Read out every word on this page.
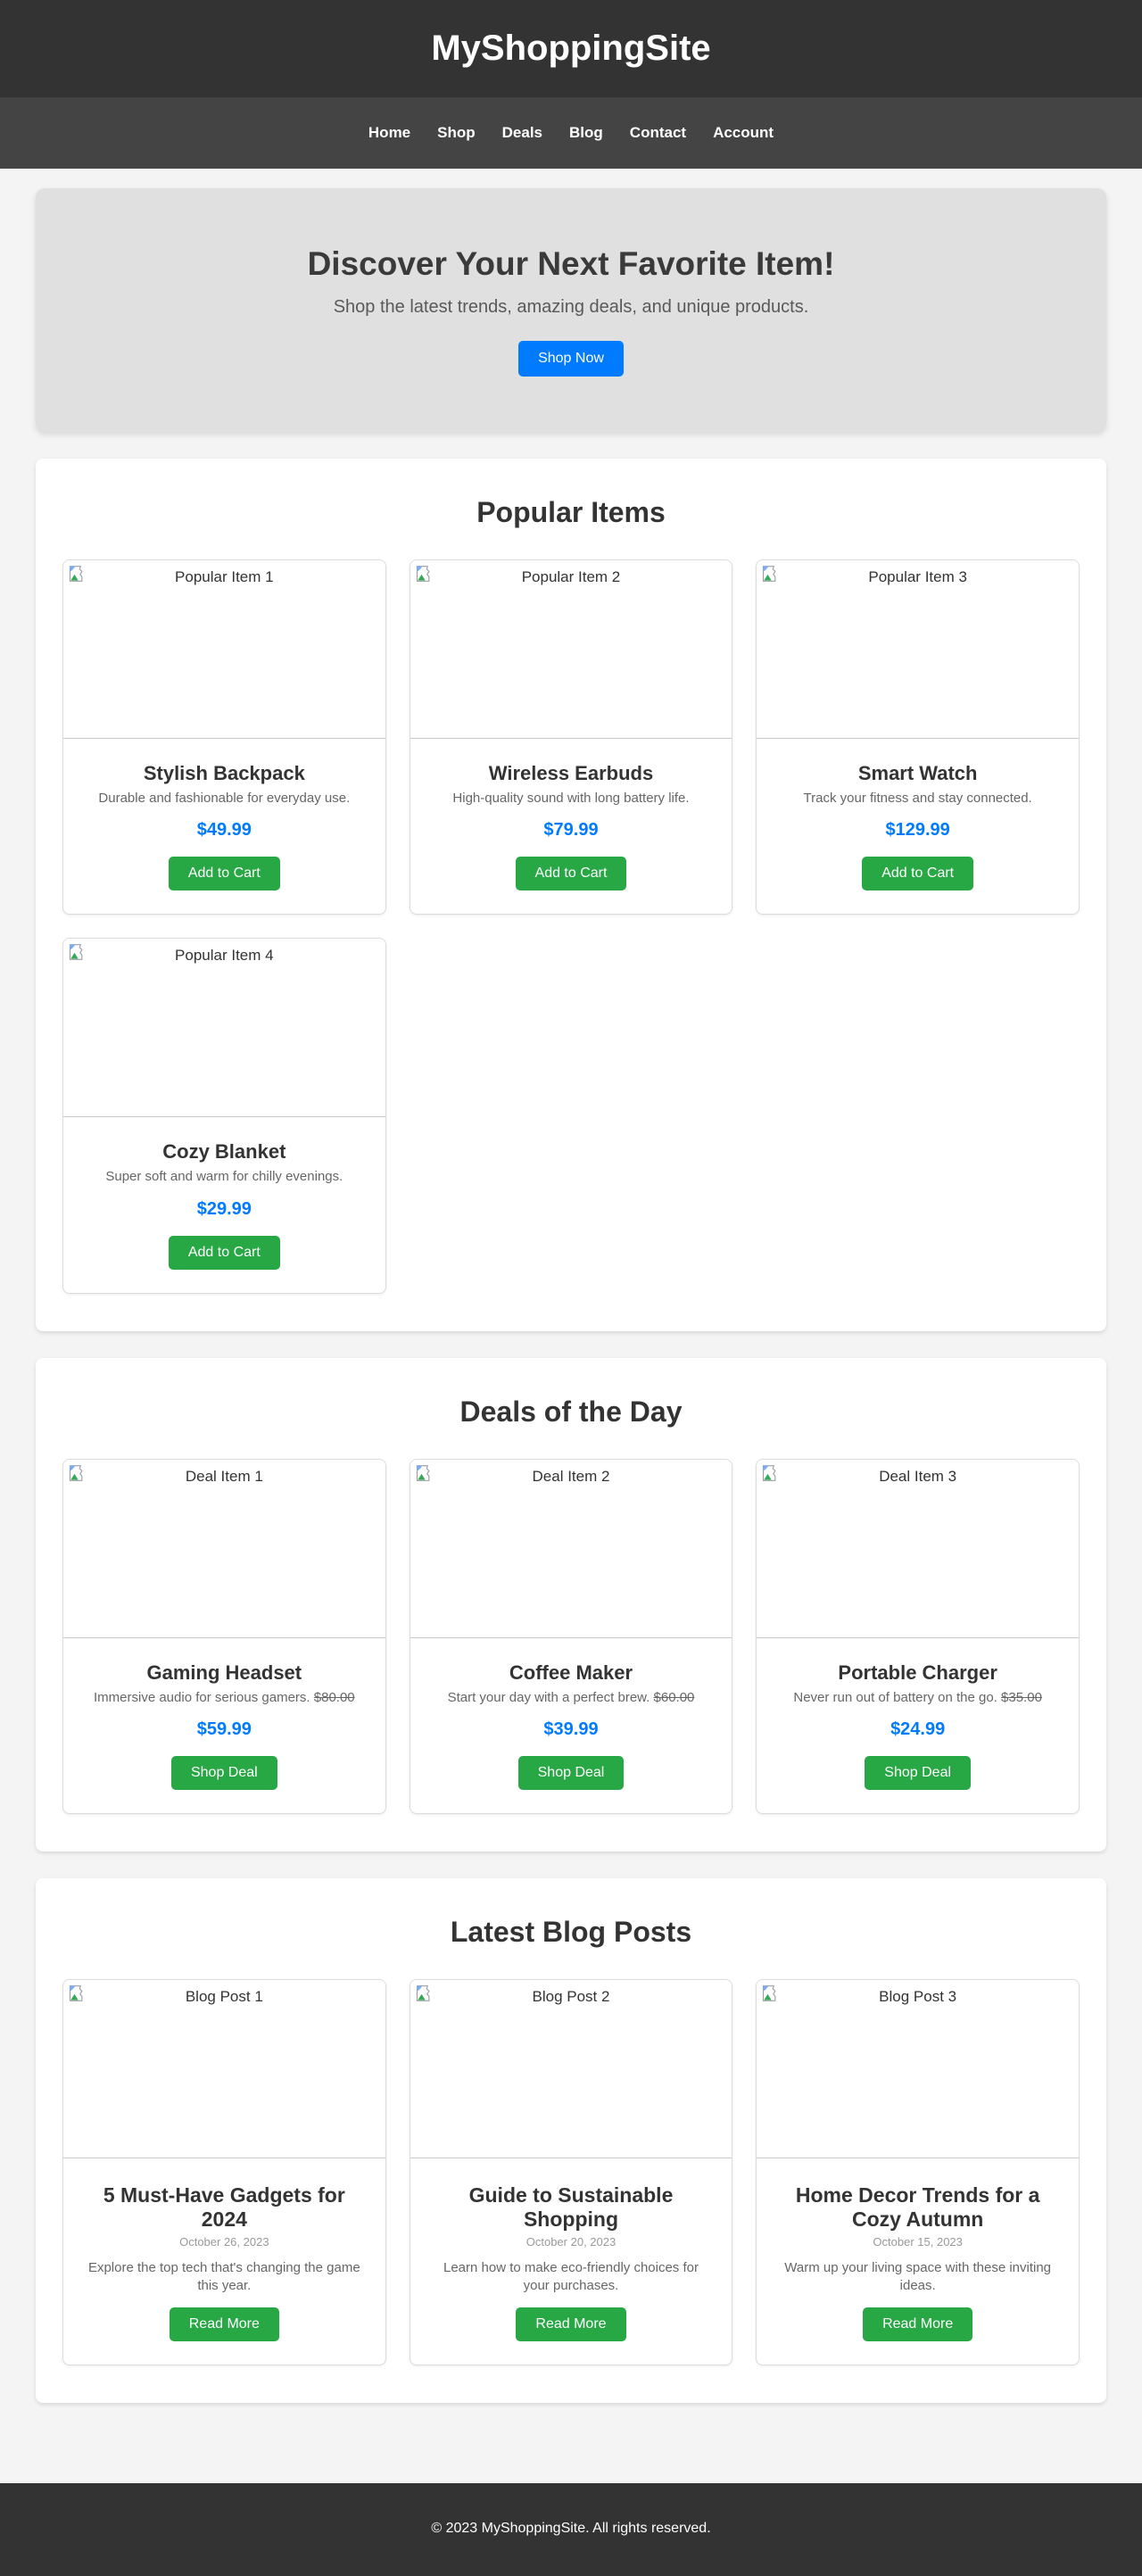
MyShoppingSite
Home Shop Deals Blog Contact Account
Discover Your Next Favorite Item!

Shop the latest trends, amazing deals, and unique products.

Shop Now
Popular Items
Popular Item 1
Stylish Backpack

Durable and fashionable for everyday use.

$49.99

Add to Cart
Popular Item 2
Wireless Earbuds

High-quality sound with long battery life.

$79.99

Add to Cart
Popular Item 3
Smart Watch

Track your fitness and stay connected.

$129.99

Add to Cart
Popular Item 4
Cozy Blanket

Super soft and warm for chilly evenings.

$29.99

Add to Cart
Deals of the Day
Deal Item 1
Gaming Headset

Immersive audio for serious gamers. $80.00

$59.99

Shop Deal
Deal Item 2
Coffee Maker

Start your day with a perfect brew. $60.00

$39.99

Shop Deal
Deal Item 3
Portable Charger

Never run out of battery on the go. $35.00

$24.99

Shop Deal
Latest Blog Posts
Blog Post 1
5 Must-Have Gadgets for 2024

October 26, 2023

Explore the top tech that's changing the game this year.

Read More
Blog Post 2
Guide to Sustainable Shopping

October 20, 2023

Learn how to make eco-friendly choices for your purchases.

Read More
Blog Post 3
Home Decor Trends for a Cozy Autumn

October 15, 2023

Warm up your living space with these inviting ideas.

Read More

© 2023 MyShoppingSite. All rights reserved.
